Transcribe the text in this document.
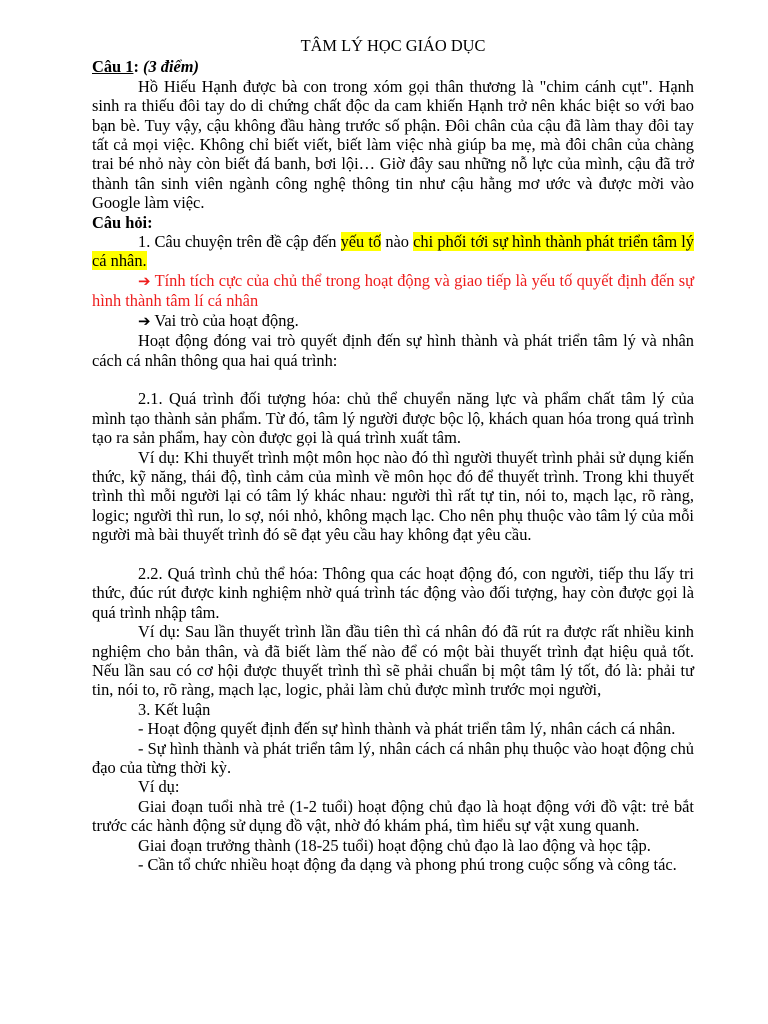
TÂM LÝ HỌC GIÁO DỤC

Câu 1: (3 điểm)

Hồ Hiếu Hạnh được bà con trong xóm gọi thân thương là "chim cánh cụt". Hạnh sinh ra thiếu đôi tay do di chứng chất độc da cam khiến Hạnh trở nên khác biệt so với bao bạn bè. Tuy vậy, cậu không đầu hàng trước số phận. Đôi chân của cậu đã làm thay đôi tay tất cả mọi việc. Không chỉ biết viết, biết làm việc nhà giúp ba mẹ, mà đôi chân của chàng trai bé nhỏ này còn biết đá banh, bơi lội… Giờ đây sau những nỗ lực của mình, cậu đã trở thành tân sinh viên ngành công nghệ thông tin như cậu hằng mơ ước và được mời vào Google làm việc.

Câu hỏi:

1. Câu chuyện trên đề cập đến yếu tố nào chi phối tới sự hình thành phát triển tâm lý cá nhân.

➔ Tính tích cực của chủ thể trong hoạt động và giao tiếp là yếu tố quyết định đến sự hình thành tâm lí cá nhân

➔ Vai trò của hoạt động.

Hoạt động đóng vai trò quyết định đến sự hình thành và phát triển tâm lý và nhân cách cá nhân thông qua hai quá trình:

2.1. Quá trình đối tượng hóa: chủ thể chuyển năng lực và phẩm chất tâm lý của mình tạo thành sản phẩm. Từ đó, tâm lý người được bộc lộ, khách quan hóa trong quá trình tạo ra sản phẩm, hay còn được gọi là quá trình xuất tâm.

Ví dụ: Khi thuyết trình một môn học nào đó thì người thuyết trình phải sử dụng kiến thức, kỹ năng, thái độ, tình cảm của mình về môn học đó để thuyết trình. Trong khi thuyết trình thì mỗi người lại có tâm lý khác nhau: người thì rất tự tin, nói to, mạch lạc, rõ ràng, logic; người thì run, lo sợ, nói nhỏ, không mạch lạc. Cho nên phụ thuộc vào tâm lý của mỗi người mà bài thuyết trình đó sẽ đạt yêu cầu hay không đạt yêu cầu.

2.2. Quá trình chủ thể hóa: Thông qua các hoạt động đó, con người, tiếp thu lấy tri thức, đúc rút được kinh nghiệm nhờ quá trình tác động vào đối tượng, hay còn được gọi là quá trình nhập tâm.

Ví dụ: Sau lần thuyết trình lần đầu tiên thì cá nhân đó đã rút ra được rất nhiều kinh nghiệm cho bản thân, và đã biết làm thế nào để có một bài thuyết trình đạt hiệu quả tốt. Nếu lần sau có cơ hội được thuyết trình thì sẽ phải chuẩn bị một tâm lý tốt, đó là: phải tư tin, nói to, rõ ràng, mạch lạc, logic, phải làm chủ được mình trước mọi người,

3. Kết luận

- Hoạt động quyết định đến sự hình thành và phát triển tâm lý, nhân cách cá nhân.

- Sự hình thành và phát triển tâm lý, nhân cách cá nhân phụ thuộc vào hoạt động chủ đạo của từng thời kỳ.

Ví dụ:

Giai đoạn tuổi nhà trẻ (1-2 tuổi) hoạt động chủ đạo là hoạt động với đồ vật: trẻ bắt trước các hành động sử dụng đồ vật, nhờ đó khám phá, tìm hiểu sự vật xung quanh.

Giai đoạn trưởng thành (18-25 tuổi) hoạt động chủ đạo là lao động và học tập.

- Cần tổ chức nhiều hoạt động đa dạng và phong phú trong cuộc sống và công tác.
